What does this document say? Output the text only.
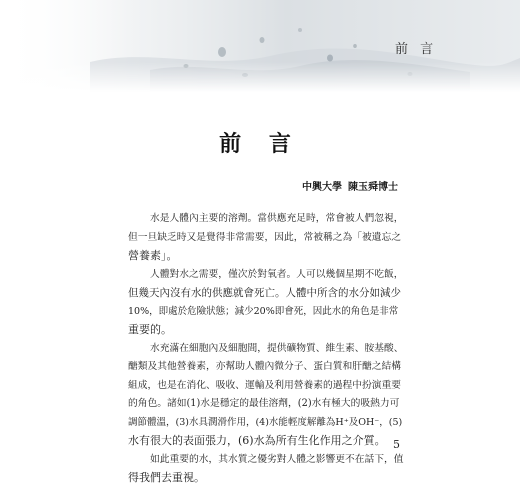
前 言
前 言
中興大學 陳玉舜博士

水是人體內主要的溶劑。當供應充足時，常會被人們忽視，
但一旦缺乏時又是覺得非常需要，因此，常被稱之為「被遺忘之
營養素」。

人體對水之需要，僅次於對氧者。人可以幾個星期不吃飯，
但幾天內沒有水的供應就會死亡。人體中所含的水分如減少
10%，即處於危險狀態；減少20%即會死，因此水的角色是非常
重要的。

水充滿在細胞內及細胞間，提供礦物質、維生素、胺基酸、
醣類及其他營養素，亦幫助人體內微分子、蛋白質和肝醣之結構
組成，也是在消化、吸收、運輸及利用營養素的過程中扮演重要
的角色。諸如(1)水是穩定的最佳溶劑，(2)水有極大的吸熱力可
調節體溫，(3)水具潤滑作用，(4)水能輕度解離為H⁺及OH⁻，(5)
水有很大的表面張力，(6)水為所有生化作用之介質。

如此重要的水，其水質之優劣對人體之影響更不在話下，值
得我們去重視。

5
